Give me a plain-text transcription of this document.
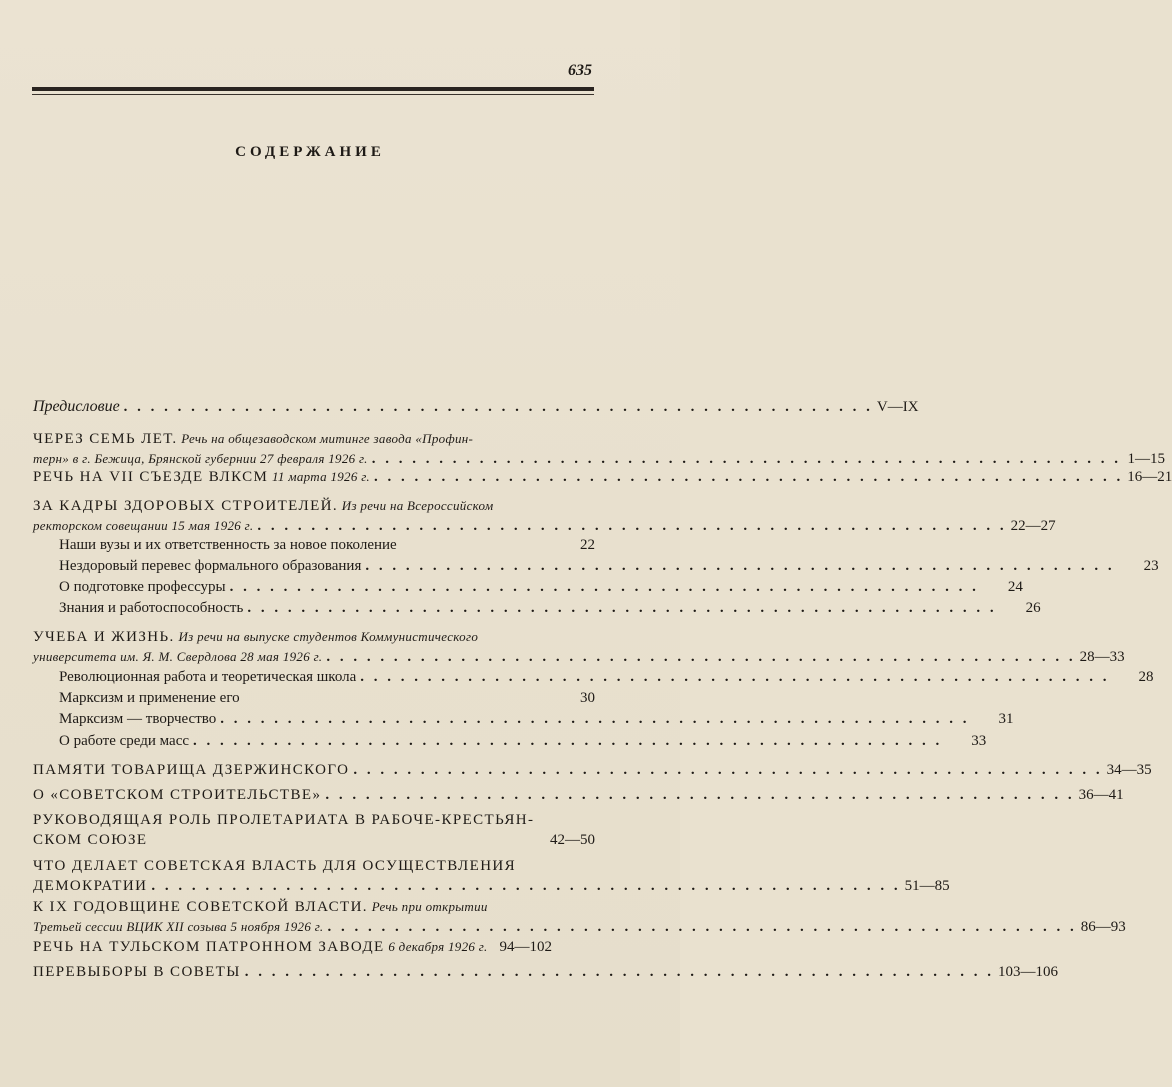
635
СОДЕРЖАНИЕ
Предисловие . . . . . . . . . . . . . . . . . . . . . . . . . . . . . . . . . . . . . . . . . . . . . . . . . . . . . . . . V—IX
ЧЕРЕЗ СЕМЬ ЛЕТ. Речь на общезаводском митинге завода «Профин-
терн» в г. Бежица, Брянской губернии 27 февраля 1926 г. . . . . . . . . . . . . . . . . . . . . . . . . . . . . . . . . . . . . . . . . . . . . . . . . . . . . . . . . 1—15
РЕЧЬ НА VII СЪЕЗДЕ ВЛКСМ 11 марта 1926 г. . . . . . . . . . . . . . . . . . . . . . . . . . . . . . . . . . . . . . . . . . . . . . . . . . . . . . . . . 16—21
ЗА КАДРЫ ЗДОРОВЫХ СТРОИТЕЛЕЙ. Из речи на Всероссийском
ректорском совещании 15 мая 1926 г. . . . . . . . . . . . . . . . . . . . . . . . . . . . . . . . . . . . . . . . . . . . . . . . . . . . . . . . . 22—27
Наши вузы и их ответственность за новое поколение	22
Нездоровый перевес формального образования . . . . . . . . . . . . . . . . . . . . . . . . . . . . . . . . . . . . . . . . . . . . . . . . . . . . . . . .	23
О подготовке профессуры . . . . . . . . . . . . . . . . . . . . . . . . . . . . . . . . . . . . . . . . . . . . . . . . . . . . . . . .	24
Знания и работоспособность . . . . . . . . . . . . . . . . . . . . . . . . . . . . . . . . . . . . . . . . . . . . . . . . . . . . . . . .	26
УЧЕБА И ЖИЗНЬ. Из речи на выпуске студентов Коммунистического
университета им. Я. М. Свердлова 28 мая 1926 г. . . . . . . . . . . . . . . . . . . . . . . . . . . . . . . . . . . . . . . . . . . . . . . . . . . . . . . . . 28—33
Революционная работа и теоретическая школа . . . . . . . . . . . . . . . . . . . . . . . . . . . . . . . . . . . . . . . . . . . . . . . . . . . . . . . .	28
Марксизм и применение его	30
Марксизм — творчество . . . . . . . . . . . . . . . . . . . . . . . . . . . . . . . . . . . . . . . . . . . . . . . . . . . . . . . .	31
О работе среди масс . . . . . . . . . . . . . . . . . . . . . . . . . . . . . . . . . . . . . . . . . . . . . . . . . . . . . . . .	33
ПАМЯТИ ТОВАРИЩА ДЗЕРЖИНСКОГО . . . . . . . . . . . . . . . . . . . . . . . . . . . . . . . . . . . . . . . . . . . . . . . . . . . . . . . . 34—35
О «СОВЕТСКОМ СТРОИТЕЛЬСТВЕ» . . . . . . . . . . . . . . . . . . . . . . . . . . . . . . . . . . . . . . . . . . . . . . . . . . . . . . . . 36—41
РУКОВОДЯЩАЯ РОЛЬ ПРОЛЕТАРИАТА В РАБОЧЕ-КРЕСТЬЯН-
СКОМ СОЮЗЕ	42—50
ЧТО ДЕЛАЕТ СОВЕТСКАЯ ВЛАСТЬ ДЛЯ ОСУЩЕСТВЛЕНИЯ
ДЕМОКРАТИИ . . . . . . . . . . . . . . . . . . . . . . . . . . . . . . . . . . . . . . . . . . . . . . . . . . . . . . . . 51—85
К IX ГОДОВЩИНЕ СОВЕТСКОЙ ВЛАСТИ. Речь при открытии
Третьей сессии ВЦИК XII созыва 5 ноября 1926 г. . . . . . . . . . . . . . . . . . . . . . . . . . . . . . . . . . . . . . . . . . . . . . . . . . . . . . . . . 86—93
РЕЧЬ НА ТУЛЬСКОМ ПАТРОННОМ ЗАВОДЕ 6 декабря 1926 г. 94—102
ПЕРЕВЫБОРЫ В СОВЕТЫ . . . . . . . . . . . . . . . . . . . . . . . . . . . . . . . . . . . . . . . . . . . . . . . . . . . . . . . . 103—106
